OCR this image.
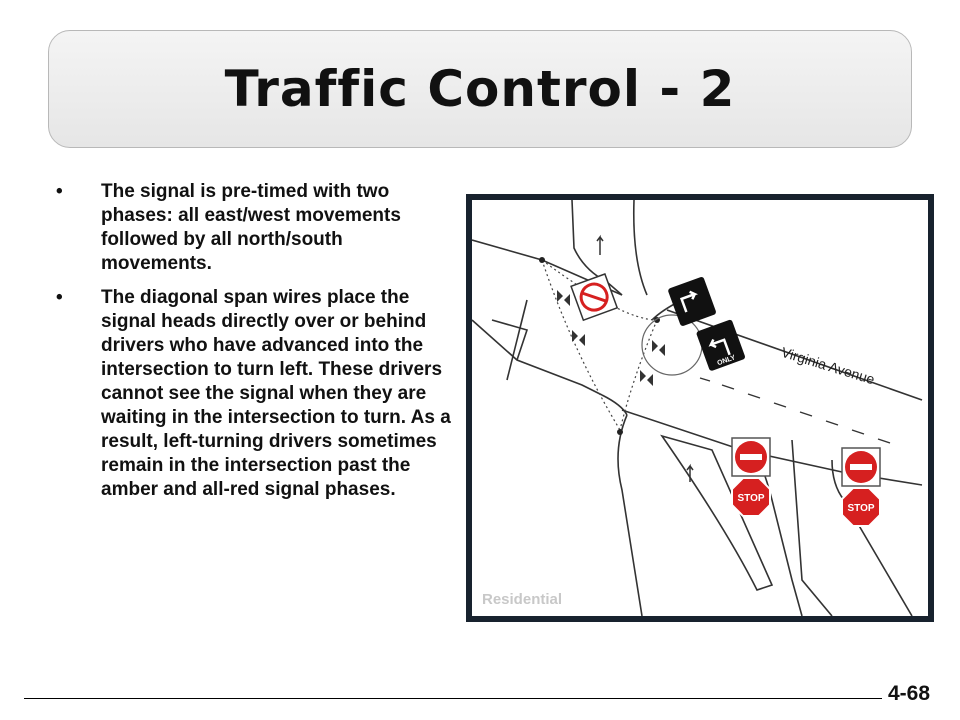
Traffic Control - 2
• The signal is pre-timed with two phases: all east/west movements followed by all north/south movements.
• The diagonal span wires place the signal heads directly over or behind drivers who have advanced into the intersection to turn left. These drivers cannot see the signal when they are waiting in the intersection to turn. As a result, left-turning drivers sometimes remain in the intersection past the amber and all-red signal phases.
ONLY	Virginia Avenue
STOP
STOP
Residential
4-68
